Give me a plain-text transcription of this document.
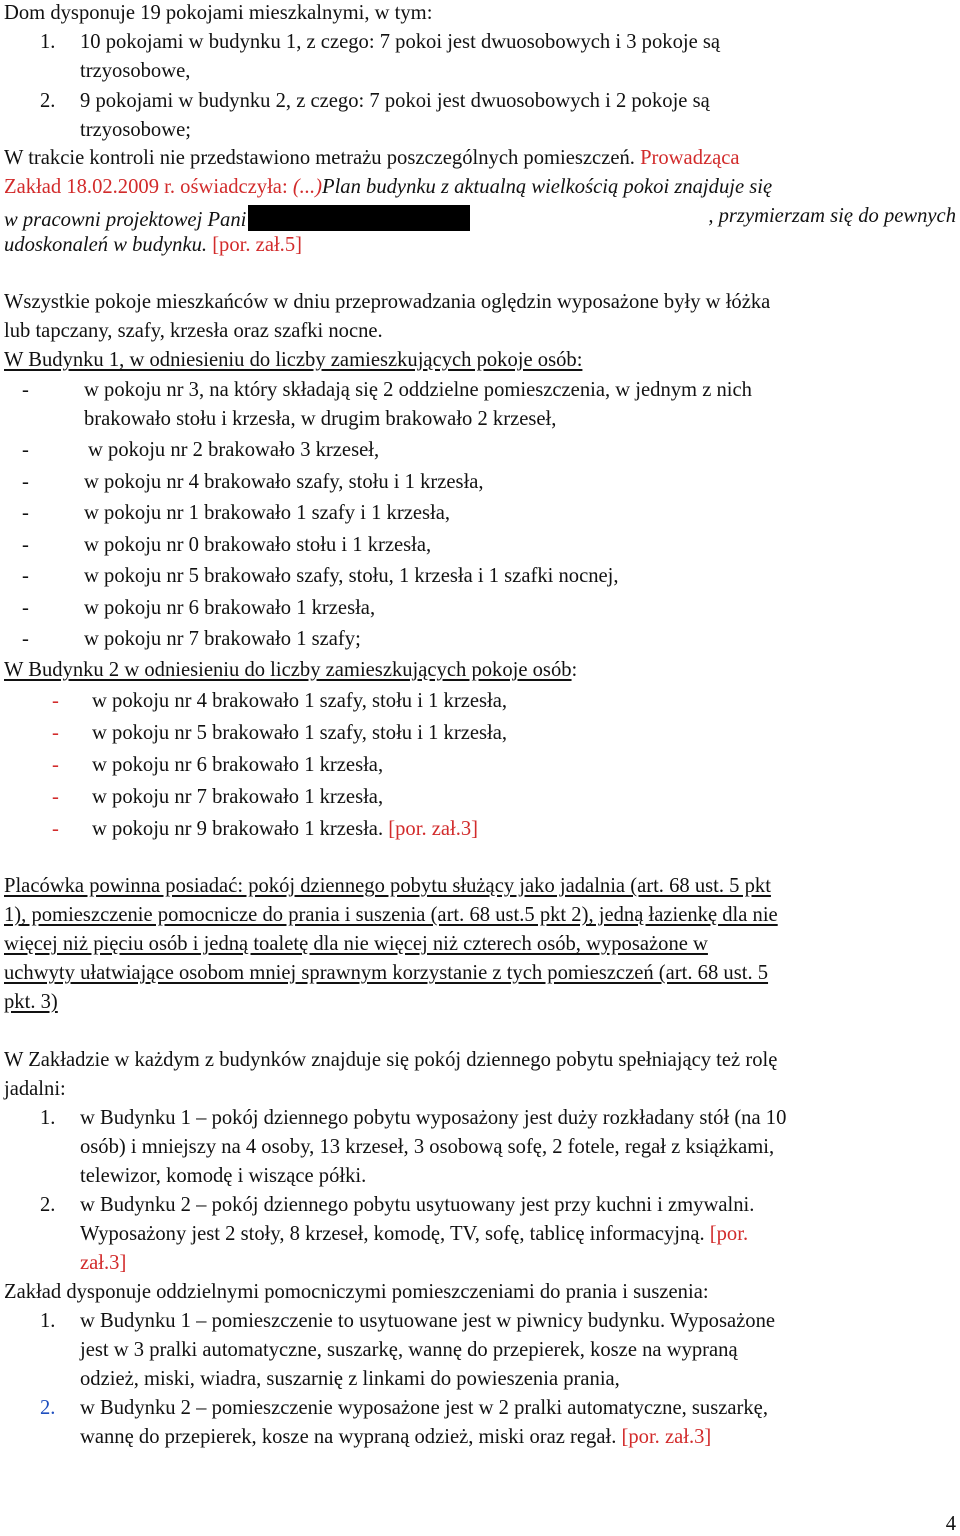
Dom dysponuje 19 pokojami mieszkalnymi, w tym:
1. 10 pokojami w budynku 1, z czego: 7 pokoi jest dwuosobowych i 3 pokoje są
trzyosobowe,
2. 9 pokojami w budynku 2, z czego: 7 pokoi jest dwuosobowych i 2 pokoje są
trzyosobowe;
W trakcie kontroli nie przedstawiono metrażu poszczególnych pomieszczeń. Prowadząca
Zakład 18.02.2009 r. oświadczyła: (...)Plan budynku z aktualną wielkością pokoi znajduje się
w pracowni projektowej Pani	, przymierzam się do pewnych
udoskonaleń w budynku. [por. zał.5]
Wszystkie pokoje mieszkańców w dniu przeprowadzania oględzin wyposażone były w łóżka
lub tapczany, szafy, krzesła oraz szafki nocne.
W Budynku 1, w odniesieniu do liczby zamieszkujących pokoje osób:
-	w pokoju nr 3, na który składają się 2 oddzielne pomieszczenia, w jednym z nich
brakowało stołu i krzesła, w drugim brakowało 2 krzeseł,
-	w pokoju nr 2 brakowało 3 krzeseł,
-	w pokoju nr 4 brakowało szafy, stołu i 1 krzesła,
-	w pokoju nr 1 brakowało 1 szafy i 1 krzesła,
-	w pokoju nr 0 brakowało stołu i 1 krzesła,
-	w pokoju nr 5 brakowało szafy, stołu, 1 krzesła i 1 szafki nocnej,
-	w pokoju nr 6 brakowało 1 krzesła,
-	w pokoju nr 7 brakowało 1 szafy;
W Budynku 2 w odniesieniu do liczby zamieszkujących pokoje osób:
- w pokoju nr 4 brakowało 1 szafy, stołu i 1 krzesła,
- w pokoju nr 5 brakowało 1 szafy, stołu i 1 krzesła,
- w pokoju nr 6 brakowało 1 krzesła,
- w pokoju nr 7 brakowało 1 krzesła,
- w pokoju nr 9 brakowało 1 krzesła. [por. zał.3]
Placówka powinna posiadać: pokój dziennego pobytu służący jako jadalnia (art. 68 ust. 5 pkt
1), pomieszczenie pomocnicze do prania i suszenia (art. 68 ust.5 pkt 2), jedną łazienkę dla nie
więcej niż pięciu osób i jedną toaletę dla nie więcej niż czterech osób, wyposażone w
uchwyty ułatwiające osobom mniej sprawnym korzystanie z tych pomieszczeń (art. 68 ust. 5
pkt. 3)
W Zakładzie w każdym z budynków znajduje się pokój dziennego pobytu spełniający też rolę
jadalni:
1. w Budynku 1 – pokój dziennego pobytu wyposażony jest duży rozkładany stół (na 10
osób) i mniejszy na 4 osoby, 13 krzeseł, 3 osobową sofę, 2 fotele, regał z książkami,
telewizor, komodę i wiszące półki.
2. w Budynku 2 – pokój dziennego pobytu usytuowany jest przy kuchni i zmywalni.
Wyposażony jest 2 stoły, 8 krzeseł, komodę, TV, sofę, tablicę informacyjną. [por.
zał.3]
Zakład dysponuje oddzielnymi pomocniczymi pomieszczeniami do prania i suszenia:
1. w Budynku 1 – pomieszczenie to usytuowane jest w piwnicy budynku. Wyposażone
jest w 3 pralki automatyczne, suszarkę, wannę do przepierek, kosze na wypraną
odzież, miski, wiadra, suszarnię z linkami do powieszenia prania,
2. w Budynku 2 – pomieszczenie wyposażone jest w 2 pralki automatyczne, suszarkę,
wannę do przepierek, kosze na wypraną odzież, miski oraz regał. [por. zał.3]
4
